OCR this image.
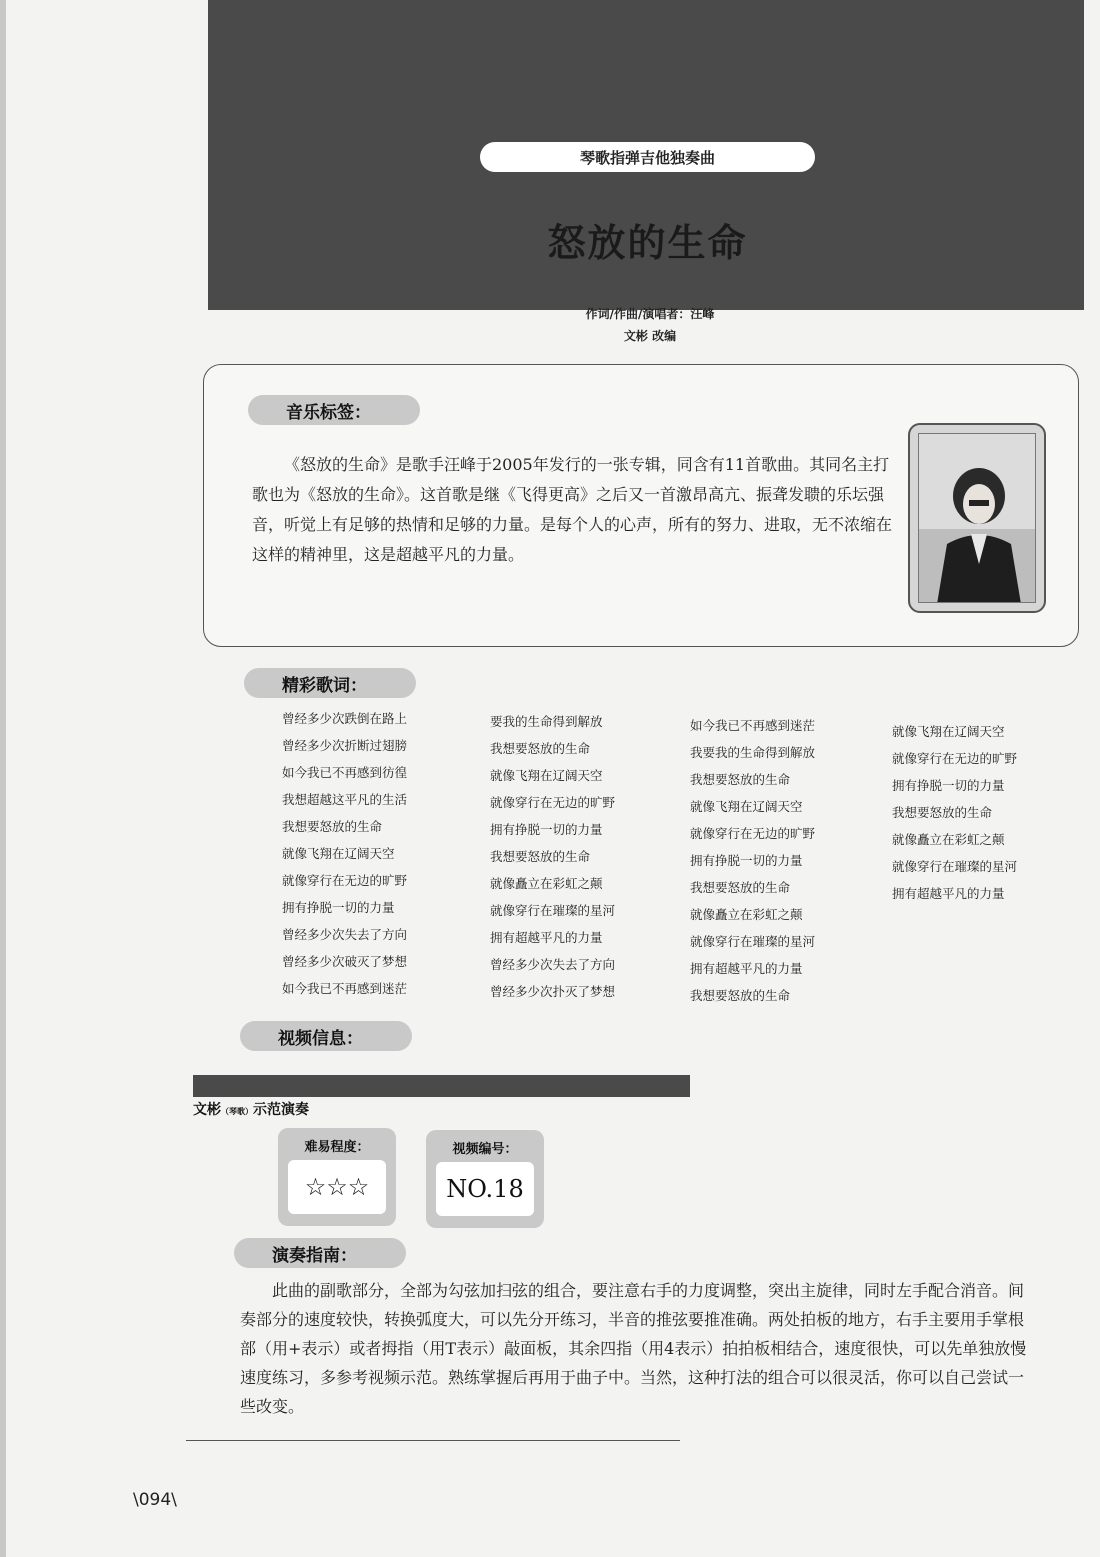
琴歌指弹吉他独奏曲
怒放的生命
作词/作曲/演唱者：汪峰
文彬 改编
音乐标签：
《怒放的生命》是歌手汪峰于2005年发行的一张专辑，同含有11首歌曲。其同名主打歌也为《怒放的生命》。这首歌是继《飞得更高》之后又一首激昂高亢、振聋发聩的乐坛强音，听觉上有足够的热情和足够的力量。是每个人的心声，所有的努力、进取，无不浓缩在这样的精神里，这是超越平凡的力量。
精彩歌词：
曾经多少次跌倒在路上
曾经多少次折断过翅膀
如今我已不再感到彷徨
我想超越这平凡的生活
我想要怒放的生命
就像飞翔在辽阔天空
就像穿行在无边的旷野
拥有挣脱一切的力量
曾经多少次失去了方向
曾经多少次破灭了梦想
如今我已不再感到迷茫
要我的生命得到解放
我想要怒放的生命
就像飞翔在辽阔天空
就像穿行在无边的旷野
拥有挣脱一切的力量
我想要怒放的生命
就像矗立在彩虹之颠
就像穿行在璀璨的星河
拥有超越平凡的力量
曾经多少次失去了方向
曾经多少次扑灭了梦想
如今我已不再感到迷茫
我要我的生命得到解放
我想要怒放的生命
就像飞翔在辽阔天空
就像穿行在无边的旷野
拥有挣脱一切的力量
我想要怒放的生命
就像矗立在彩虹之颠
就像穿行在璀璨的星河
拥有超越平凡的力量
我想要怒放的生命
就像飞翔在辽阔天空
就像穿行在无边的旷野
拥有挣脱一切的力量
我想要怒放的生命
就像矗立在彩虹之颠
就像穿行在璀璨的星河
拥有超越平凡的力量
视频信息：
文彬（琴歌）示范演奏
难易程度：
☆☆☆
视频编号：
NO.18
演奏指南：
此曲的副歌部分，全部为勾弦加扫弦的组合，要注意右手的力度调整，突出主旋律，同时左手配合消音。间奏部分的速度较快，转换弧度大，可以先分开练习，半音的推弦要推准确。两处拍板的地方，右手主要用手掌根部（用+表示）或者拇指（用T表示）敲面板，其余四指（用4表示）拍拍板相结合，速度很快，可以先单独放慢速度练习，多参考视频示范。熟练掌握后再用于曲子中。当然，这种打法的组合可以很灵活，你可以自己尝试一些改变。
\094\
